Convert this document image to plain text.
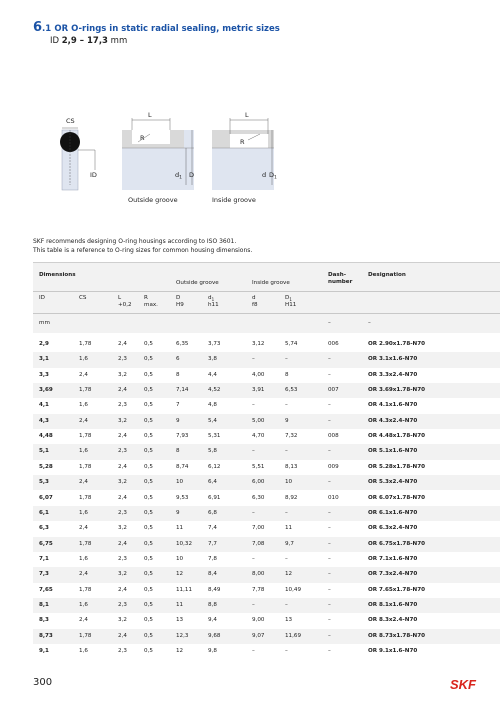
6.1 OR O-rings in static radial sealing, metric sizes
ID 2,9 – 17,3 mm
CS
ID
L
R
$d_1$ D
Outside groove
L
R
d $D_1$
Inside groove
SKF recommends designing O-ring housings according to ISO 3601.
This table is a reference to O-ring sizes for common housing dimensions.
Dimensions
Outside groove	Inside groove
Dash-
number
Designation
ID	CS	L
+0,2
R
max.
D
H9
$d_1$
h11
d
f8
$D_1$
H11
mm	–	–
2,9	1,78	2,4	0,5	6,35	3,73	3,12	5,74	006	OR 2.90x1.78-N70
3,1	1,6	2,3	0,5	6	3,8	–	–	–	OR 3.1x1.6-N70
3,3	2,4	3,2	0,5	8	4,4	4,00	8	–	OR 3.3x2.4-N70
3,69	1,78	2,4	0,5	7,14	4,52	3,91	6,53	007	OR 3.69x1.78-N70
4,1	1,6	2,3	0,5	7	4,8	–	–	–	OR 4.1x1.6-N70
4,3	2,4	3,2	0,5	9	5,4	5,00	9	–	OR 4.3x2.4-N70
4,48	1,78	2,4	0,5	7,93	5,31	4,70	7,32	008	OR 4.48x1.78-N70
5,1	1,6	2,3	0,5	8	5,8	–	–	–	OR 5.1x1.6-N70
5,28	1,78	2,4	0,5	8,74	6,12	5,51	8,13	009	OR 5.28x1.78-N70
5,3	2,4	3,2	0,5	10	6,4	6,00	10	–	OR 5.3x2.4-N70
6,07	1,78	2,4	0,5	9,53	6,91	6,30	8,92	010	OR 6.07x1.78-N70
6,1	1,6	2,3	0,5	9	6,8	–	–	–	OR 6.1x1.6-N70
6,3	2,4	3,2	0,5	11	7,4	7,00	11	–	OR 6.3x2.4-N70
6,75	1,78	2,4	0,5	10,32	7,7	7,08	9,7	–	OR 6.75x1.78-N70
7,1	1,6	2,3	0,5	10	7,8	–	–	–	OR 7.1x1.6-N70
7,3	2,4	3,2	0,5	12	8,4	8,00	12	–	OR 7.3x2.4-N70
7,65	1,78	2,4	0,5	11,11	8,49	7,78	10,49	–	OR 7.65x1.78-N70
8,1	1,6	2,3	0,5	11	8,8	–	–	–	OR 8.1x1.6-N70
8,3	2,4	3,2	0,5	13	9,4	9,00	13	–	OR 8.3x2.4-N70
8,73	1,78	2,4	0,5	12,3	9,68	9,07	11,69	–	OR 8.73x1.78-N70
9,1	1,6	2,3	0,5	12	9,8	–	–	–	OR 9.1x1.6-N70
300	SKF
